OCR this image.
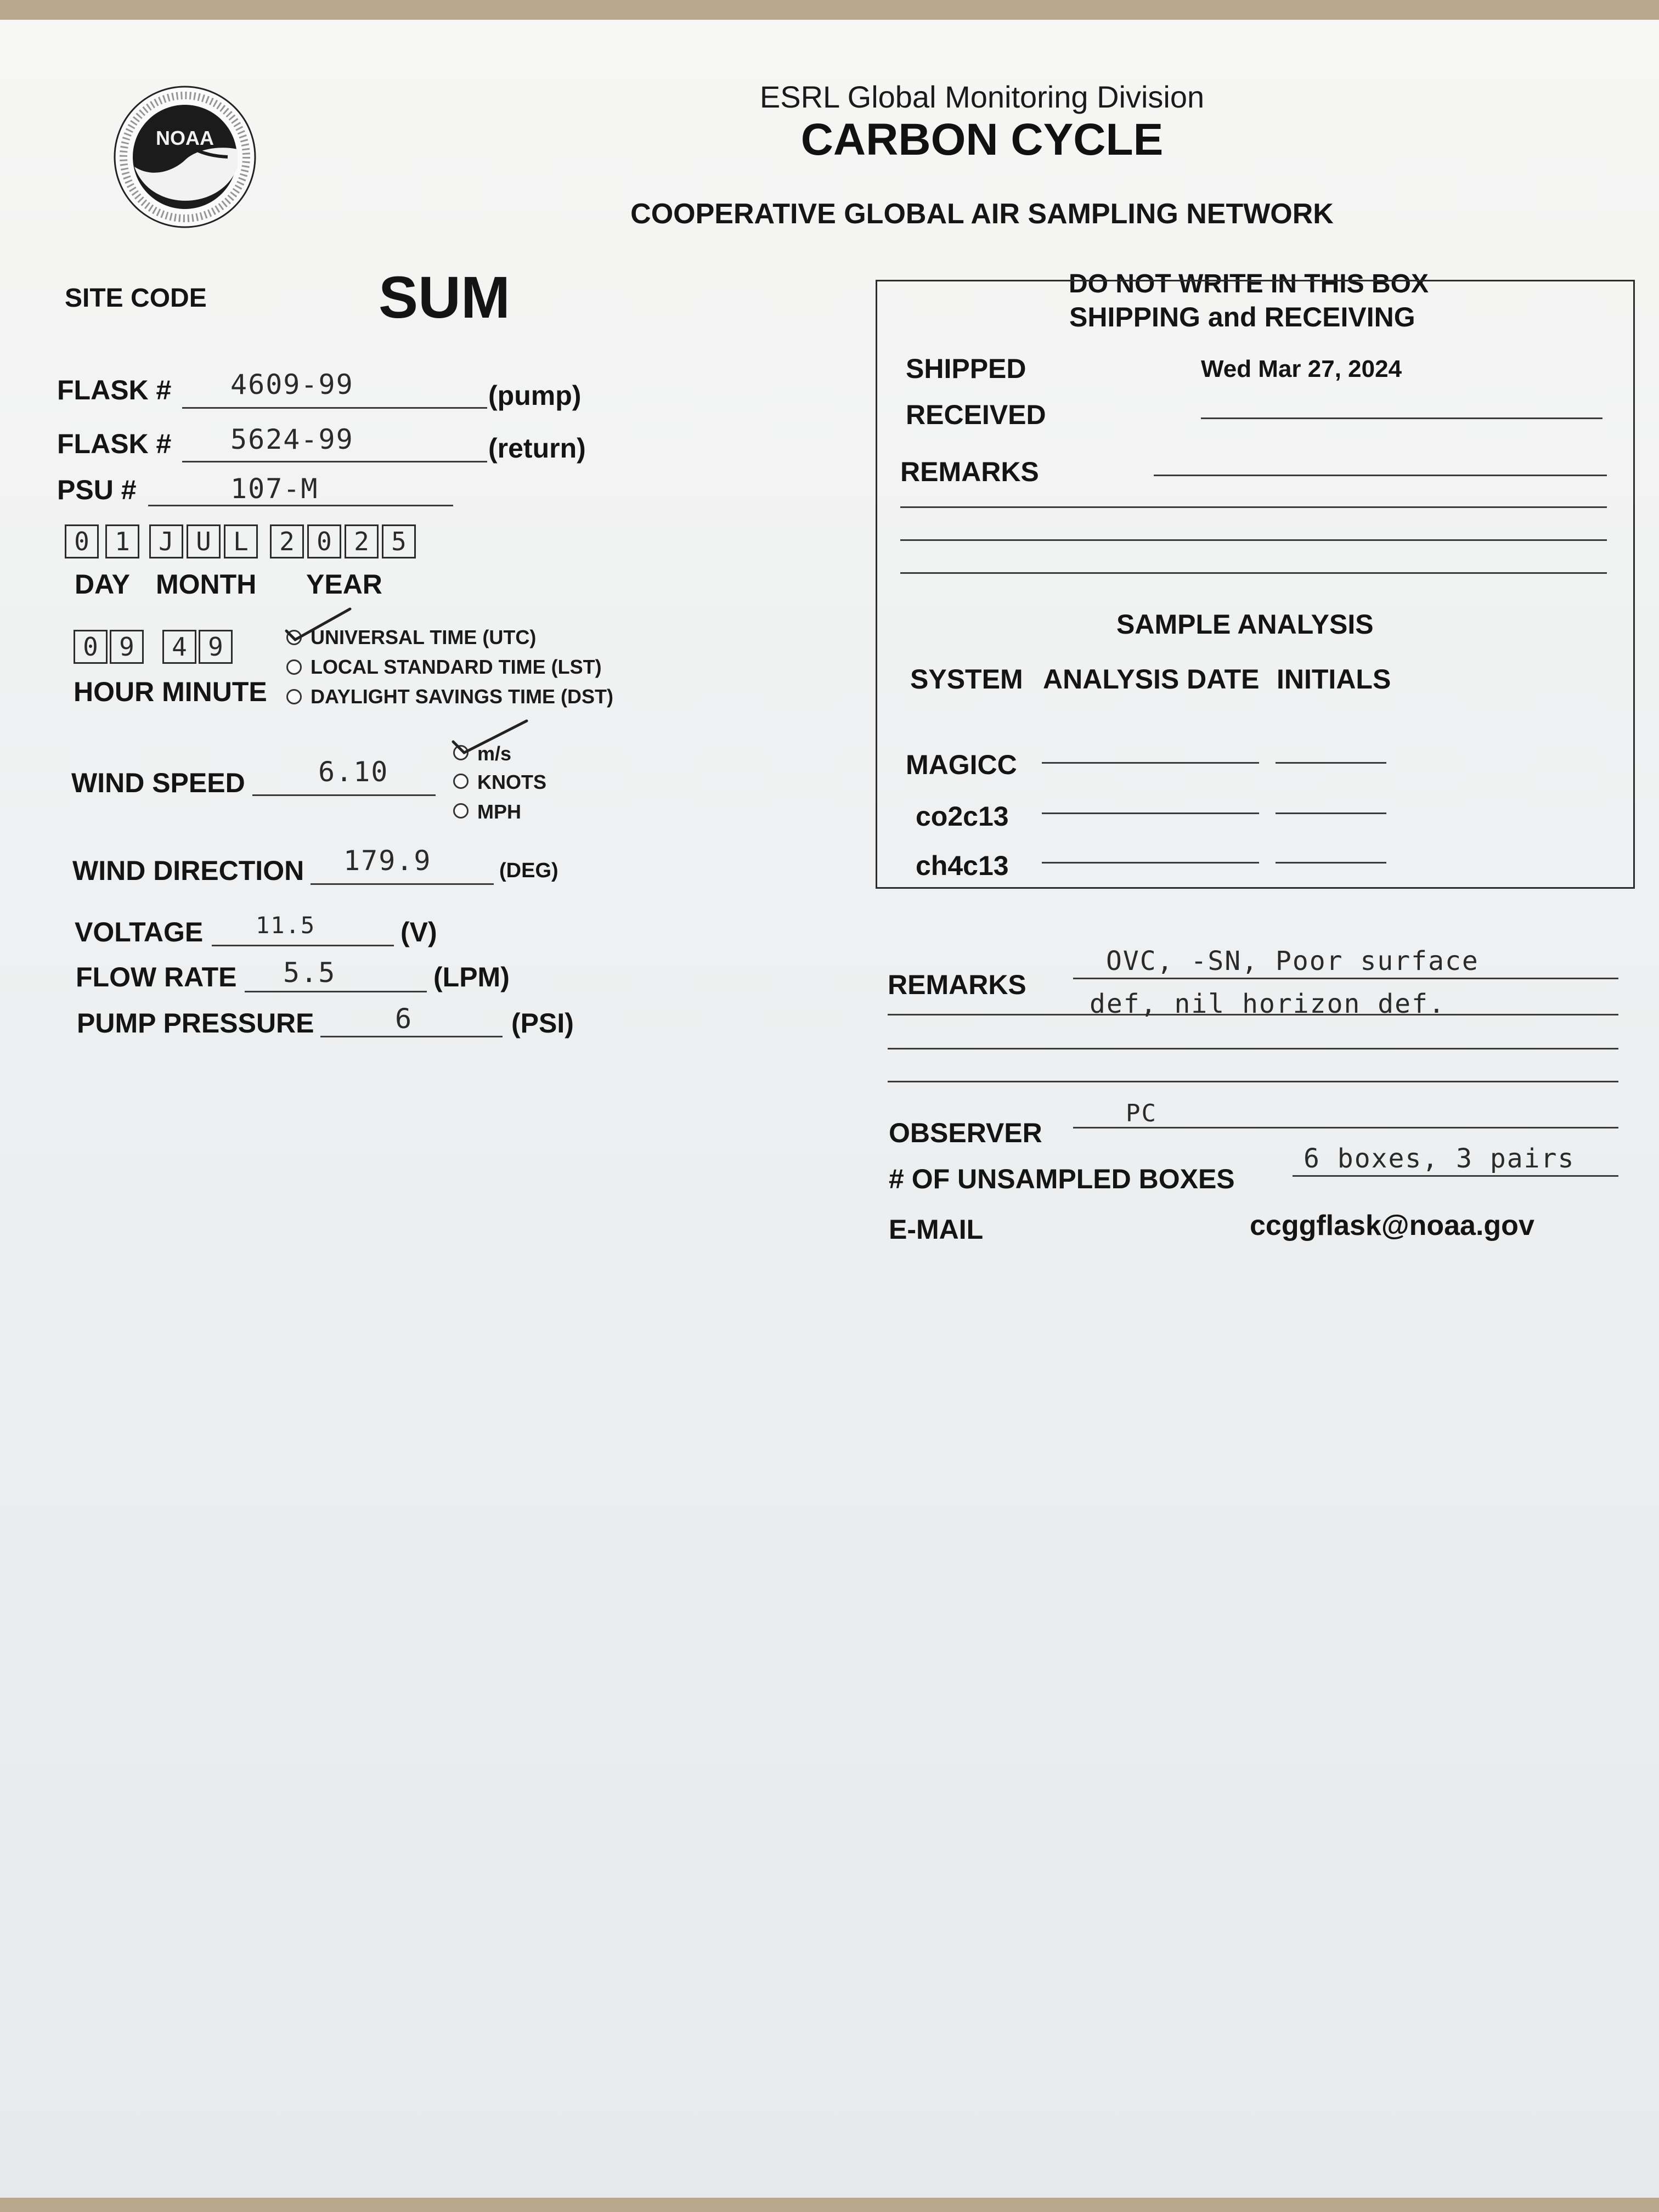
NOAA
ESRL Global Monitoring Division
CARBON CYCLE
COOPERATIVE GLOBAL AIR SAMPLING NETWORK
SITE CODE	SUM
FLASK # 4609-99	(pump)
FLASK # 5624-99	(return)
PSU #	107-M
0	1	J U L	2 0 2 5
DAY MONTH YEAR
0 9	4 9
HOUR MINUTE
UNIVERSAL TIME (UTC)
LOCAL STANDARD TIME (LST)
DAYLIGHT SAVINGS TIME (DST)
WIND SPEED	6.10
m/s
KNOTS
MPH
WIND DIRECTION 179.9	(DEG)
VOLTAGE 11.5	(V)
FLOW RATE 5.5	(LPM)
PUMP PRESSURE	6	(PSI)
DO NOT WRITE IN THIS BOX
SHIPPING and RECEIVING
SHIPPED	Wed Mar 27, 2024
RECEIVED
REMARKS
SAMPLE ANALYSIS
SYSTEM ANALYSIS DATE INITIALS
MAGICC
co2c13
ch4c13
REMARKS
OVC, -SN, Poor surface
def, nil horizon def.
OBSERVER
PC
# OF UNSAMPLED BOXES
6 boxes, 3 pairs
E-MAIL	ccggflask@noaa.gov
